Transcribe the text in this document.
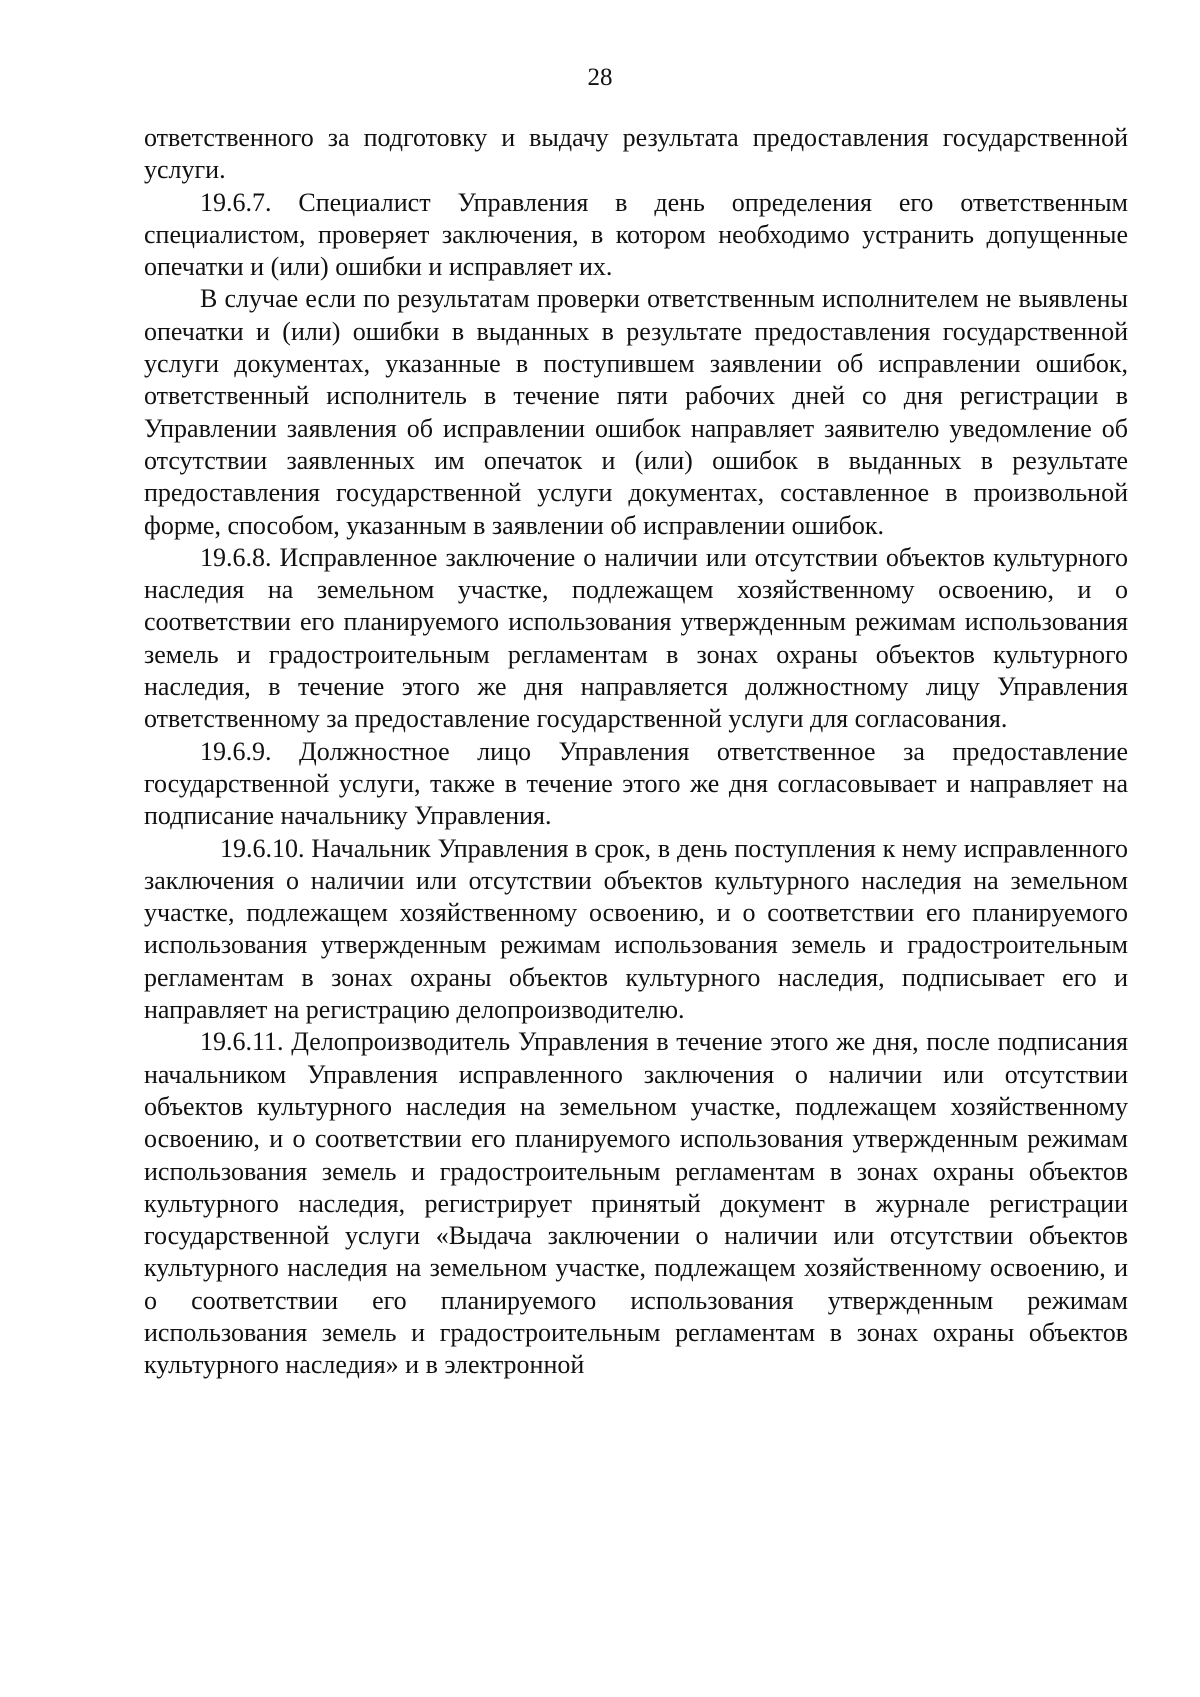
28

ответственного за подготовку и выдачу результата предоставления государственной услуги.

19.6.7. Специалист Управления в день определения его ответственным специалистом, проверяет заключения, в котором необходимо устранить допущенные опечатки и (или) ошибки и исправляет их.

В случае если по результатам проверки ответственным исполнителем не выявлены опечатки и (или) ошибки в выданных в результате предоставления государственной услуги документах, указанные в поступившем заявлении об исправлении ошибок, ответственный исполнитель в течение пяти рабочих дней со дня регистрации в Управлении заявления об исправлении ошибок направляет заявителю уведомление об отсутствии заявленных им опечаток и (или) ошибок в выданных в результате предоставления государственной услуги документах, составленное в произвольной форме, способом, указанным в заявлении об исправлении ошибок.

19.6.8. Исправленное заключение о наличии или отсутствии объектов культурного наследия на земельном участке, подлежащем хозяйственному освоению, и о соответствии его планируемого использования утвержденным режимам использования земель и градостроительным регламентам в зонах охраны объектов культурного наследия, в течение этого же дня направляется должностному лицу Управления ответственному за предоставление государственной услуги для согласования.

19.6.9. Должностное лицо Управления ответственное за предоставление государственной услуги, также в течение этого же дня согласовывает и направляет на подписание начальнику Управления.

19.6.10. Начальник Управления в срок, в день поступления к нему исправленного заключения о наличии или отсутствии объектов культурного наследия на земельном участке, подлежащем хозяйственному освоению, и о соответствии его планируемого использования утвержденным режимам использования земель и градостроительным регламентам в зонах охраны объектов культурного наследия, подписывает его и направляет на регистрацию делопроизводителю.

19.6.11. Делопроизводитель Управления в течение этого же дня, после подписания начальником Управления исправленного заключения о наличии или отсутствии объектов культурного наследия на земельном участке, подлежащем хозяйственному освоению, и о соответствии его планируемого использования утвержденным режимам использования земель и градостроительным регламентам в зонах охраны объектов культурного наследия, регистрирует принятый документ в журнале регистрации государственной услуги «Выдача заключении о наличии или отсутствии объектов культурного наследия на земельном участке, подлежащем хозяйственному освоению, и о соответствии его планируемого использования утвержденным режимам использования земель и градостроительным регламентам в зонах охраны объектов культурного наследия» и в электронной
